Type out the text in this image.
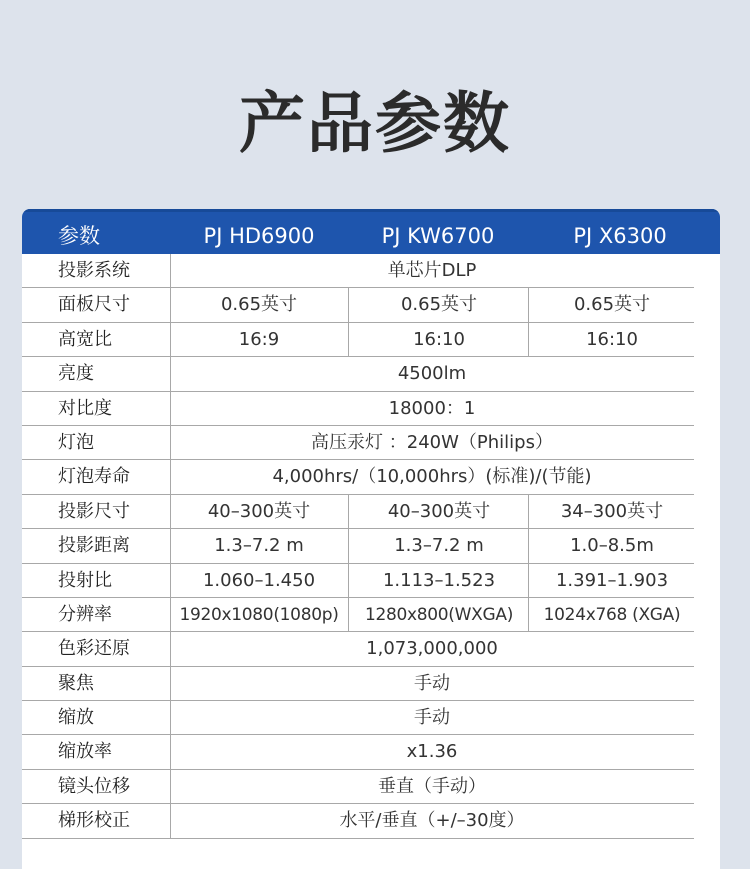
产品参数
参数	PJ HD6900	PJ KW6700	PJ X6300
投影系统	单芯片DLP
面板尺寸	0.65英寸	0.65英寸	0.65英寸
高宽比	16:9	16:10	16:10
亮度	4500lm
对比度	18000：1
灯泡	高压汞灯 ：240W（Philips）
灯泡寿命	4,000hrs/（10,000hrs）(标准)/(节能)
投影尺寸	40–300英寸	40–300英寸	34–300英寸
投影距离	1.3–7.2 m	1.3–7.2 m	1.0–8.5m
投射比	1.060–1.450	1.113–1.523	1.391–1.903
分辨率	1920x1080(1080p)	1280x800(WXGA)	1024x768 (XGA)
色彩还原	1,073,000,000
聚焦	手动
缩放	手动
缩放率	x1.36
镜头位移	垂直（手动）
梯形校正	水平/垂直（+/–30度）
